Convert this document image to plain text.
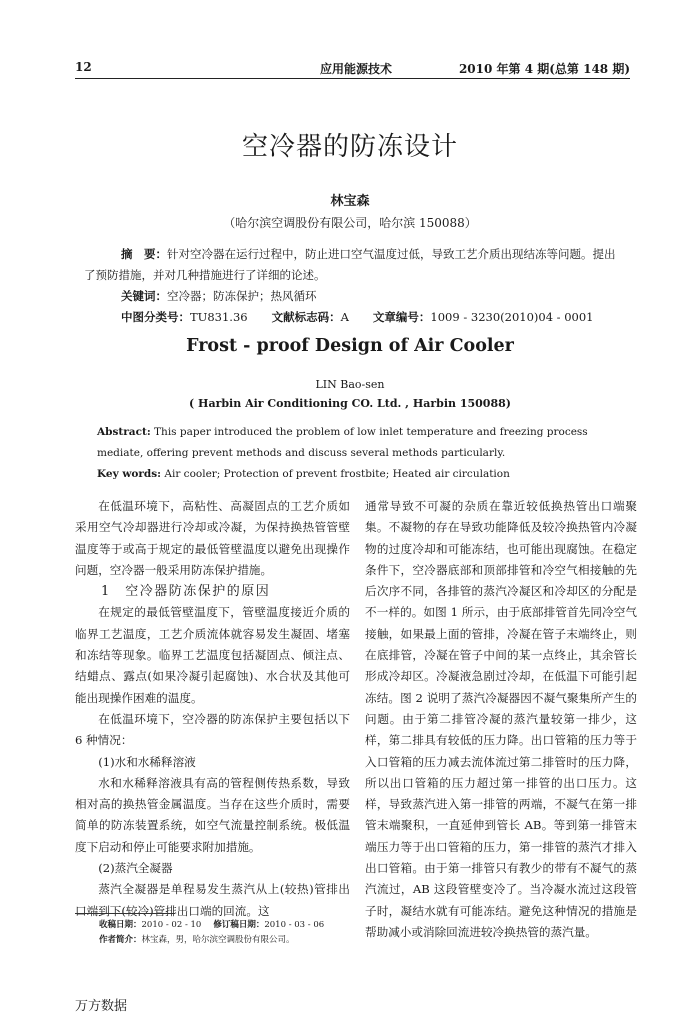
12	应用能源技术	2010 年第 4 期(总第 148 期)
空冷器的防冻设计
林宝森
（哈尔滨空调股份有限公司，哈尔滨 150088）
摘　要：针对空冷器在运行过程中，防止进口空气温度过低，导致工艺介质出现结冻等问题。提出了预防措施，并对几种措施进行了详细的论述。
关键词：空冷器；防冻保护；热风循环
中图分类号：TU831.36 文献标志码：A 文章编号：1009 - 3230(2010)04 - 0001
Frost - proof Design of Air Cooler
LIN Bao-sen
( Harbin Air Conditioning CO. Ltd. , Harbin 150088)
Abstract: This paper introduced the problem of low inlet temperature and freezing process mediate, offering prevent methods and discuss several methods particularly.
Key words: Air cooler; Protection of prevent frostbite; Heated air circulation

在低温环境下，高粘性、高凝固点的工艺介质如采用空气冷却器进行冷却或冷凝，为保持换热管管壁温度等于或高于规定的最低管壁温度以避免出现操作问题，空冷器一般采用防冻保护措施。

1　空冷器防冻保护的原因

在规定的最低管壁温度下，管壁温度接近介质的临界工艺温度，工艺介质流体就容易发生凝固、堵塞和冻结等现象。临界工艺温度包括凝固点、倾注点、结蜡点、露点(如果冷凝引起腐蚀)、水合状及其他可能出现操作困难的温度。

在低温环境下，空冷器的防冻保护主要包括以下 6 种情况：

(1)水和水稀释溶液

水和水稀释溶液具有高的管程侧传热系数，导致相对高的换热管金属温度。当存在这些介质时，需要简单的防冻装置系统，如空气流量控制系统。极低温度下启动和停止可能要求附加措施。

(2)蒸汽全凝器

蒸汽全凝器是单程易发生蒸汽从上(较热)管排出口端到下(较冷)管排出口端的回流。这

通常导致不可凝的杂质在靠近较低换热管出口端聚集。不凝物的存在导致功能降低及较冷换热管内冷凝物的过度冷却和可能冻结，也可能出现腐蚀。在稳定条件下，空冷器底部和顶部排管和冷空气相接触的先后次序不同，各排管的蒸汽冷凝区和冷却区的分配是不一样的。如图 1 所示，由于底部排管首先同冷空气接触，如果最上面的管排，冷凝在管子末端终止，则在底排管，冷凝在管子中间的某一点终止，其余管长形成冷却区。冷凝液急剧过冷却，在低温下可能引起冻结。图 2 说明了蒸汽冷凝器因不凝气聚集所产生的问题。由于第二排管冷凝的蒸汽量较第一排少，这样，第二排具有较低的压力降。出口管箱的压力等于入口管箱的压力减去流体流过第二排管时的压力降，所以出口管箱的压力超过第一排管的出口压力。这样，导致蒸汽进入第一排管的两端，不凝气在第一排管末端聚积，一直延伸到管长 AB。等到第一排管末端压力等于出口管箱的压力，第一排管的蒸汽才排入出口管箱。由于第一排管只有教少的带有不凝气的蒸汽流过，AB 这段管壁变冷了。当冷凝水流过这段管子时，凝结水就有可能冻结。避免这种情况的措施是帮助减小或消除回流进较冷换热管的蒸汽量。

收稿日期：2010 - 02 - 10 修订稿日期：2010 - 03 - 06
作者简介：林宝森，男，哈尔滨空调股份有限公司。
万方数据
